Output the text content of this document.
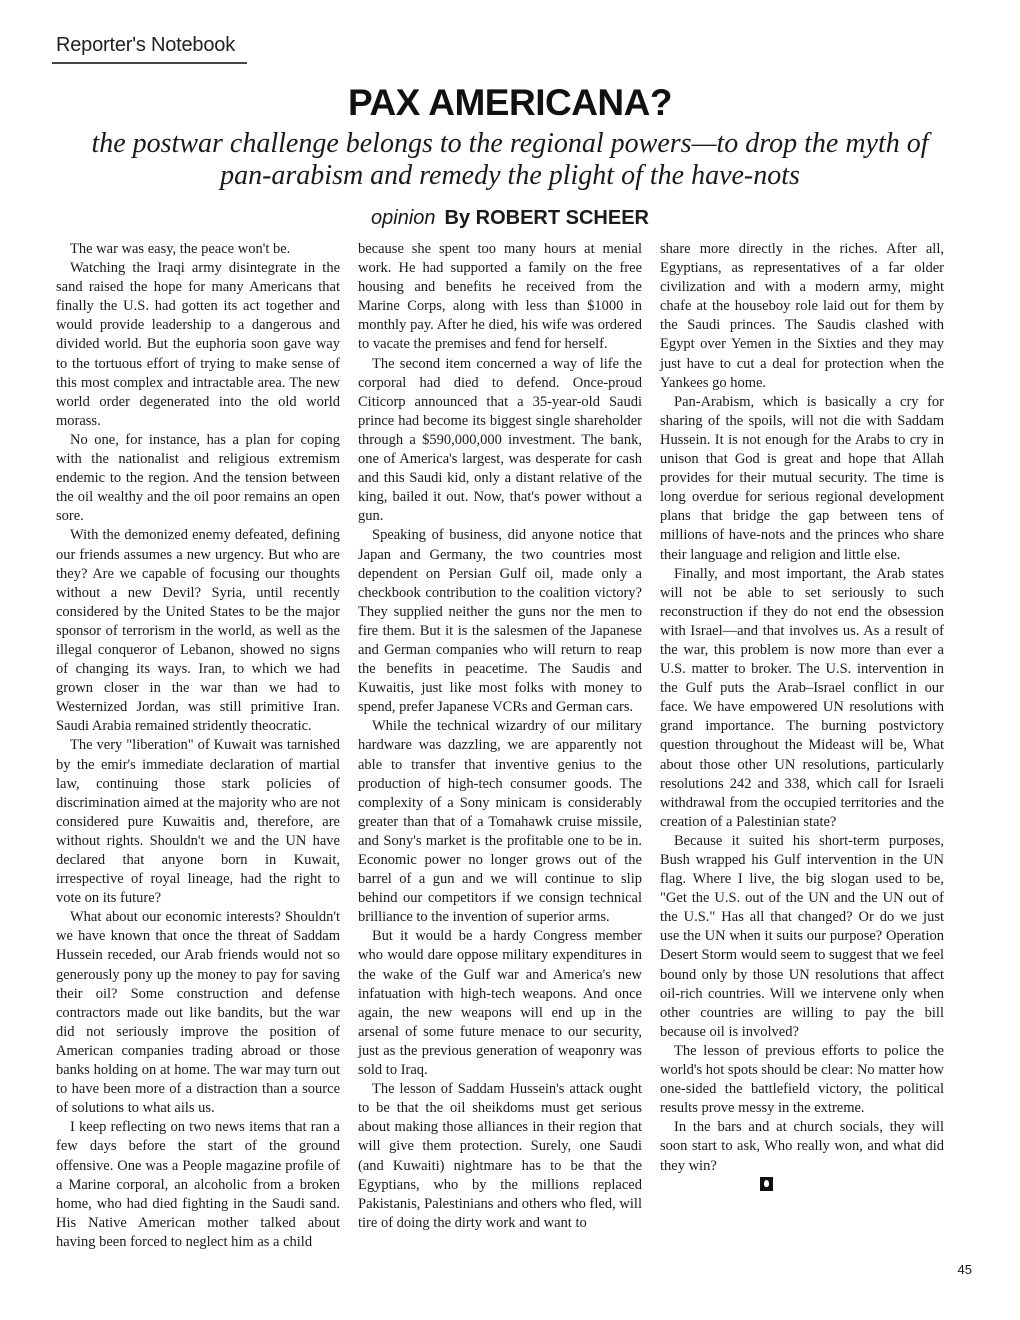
Reporter's Notebook
PAX AMERICANA?
the postwar challenge belongs to the regional powers—to drop the myth of
pan-arabism and remedy the plight of the have-nots
opinion By ROBERT SCHEER

The war was easy, the peace won't be.

Watching the Iraqi army disintegrate in the sand raised the hope for many Americans that finally the U.S. had gotten its act together and would provide leadership to a dangerous and divided world. But the euphoria soon gave way to the tortuous effort of trying to make sense of this most complex and intractable area. The new world order degenerated into the old world morass.

No one, for instance, has a plan for coping with the nationalist and religious extremism endemic to the region. And the tension between the oil wealthy and the oil poor remains an open sore.

With the demonized enemy defeated, defining our friends assumes a new urgency. But who are they? Are we capable of focusing our thoughts without a new Devil? Syria, until recently considered by the United States to be the major sponsor of terrorism in the world, as well as the illegal conqueror of Lebanon, showed no signs of changing its ways. Iran, to which we had grown closer in the war than we had to Westernized Jordan, was still primitive Iran. Saudi Arabia remained stridently theocratic.

The very "liberation" of Kuwait was tarnished by the emir's immediate declaration of martial law, continuing those stark policies of discrimination aimed at the majority who are not considered pure Kuwaitis and, therefore, are without rights. Shouldn't we and the UN have declared that anyone born in Kuwait, irrespective of royal lineage, had the right to vote on its future?

What about our economic interests? Shouldn't we have known that once the threat of Saddam Hussein receded, our Arab friends would not so generously pony up the money to pay for saving their oil? Some construction and defense contractors made out like bandits, but the war did not seriously improve the position of American companies trading abroad or those banks holding on at home. The war may turn out to have been more of a distraction than a source of solutions to what ails us.

I keep reflecting on two news items that ran a few days before the start of the ground offensive. One was a People magazine profile of a Marine corporal, an alcoholic from a broken home, who had died fighting in the Saudi sand. His Native American mother talked about having been forced to neglect him as a child

because she spent too many hours at menial work. He had supported a family on the free housing and benefits he received from the Marine Corps, along with less than $1000 in monthly pay. After he died, his wife was ordered to vacate the premises and fend for herself.

The second item concerned a way of life the corporal had died to defend. Once-proud Citicorp announced that a 35-year-old Saudi prince had become its biggest single shareholder through a $590,000,000 investment. The bank, one of America's largest, was desperate for cash and this Saudi kid, only a distant relative of the king, bailed it out. Now, that's power without a gun.

Speaking of business, did anyone notice that Japan and Germany, the two countries most dependent on Persian Gulf oil, made only a checkbook contribution to the coalition victory? They supplied neither the guns nor the men to fire them. But it is the salesmen of the Japanese and German companies who will return to reap the benefits in peacetime. The Saudis and Kuwaitis, just like most folks with money to spend, prefer Japanese VCRs and German cars.

While the technical wizardry of our military hardware was dazzling, we are apparently not able to transfer that inventive genius to the production of high-tech consumer goods. The complexity of a Sony minicam is considerably greater than that of a Tomahawk cruise missile, and Sony's market is the profitable one to be in. Economic power no longer grows out of the barrel of a gun and we will continue to slip behind our competitors if we consign technical brilliance to the invention of superior arms.

But it would be a hardy Congress member who would dare oppose military expenditures in the wake of the Gulf war and America's new infatuation with high-tech weapons. And once again, the new weapons will end up in the arsenal of some future menace to our security, just as the previous generation of weaponry was sold to Iraq.

The lesson of Saddam Hussein's attack ought to be that the oil sheikdoms must get serious about making those alliances in their region that will give them protection. Surely, one Saudi (and Kuwaiti) nightmare has to be that the Egyptians, who by the millions replaced Pakistanis, Palestinians and others who fled, will tire of doing the dirty work and want to

share more directly in the riches. After all, Egyptians, as representatives of a far older civilization and with a modern army, might chafe at the houseboy role laid out for them by the Saudi princes. The Saudis clashed with Egypt over Yemen in the Sixties and they may just have to cut a deal for protection when the Yankees go home.

Pan-Arabism, which is basically a cry for sharing of the spoils, will not die with Saddam Hussein. It is not enough for the Arabs to cry in unison that God is great and hope that Allah provides for their mutual security. The time is long overdue for serious regional development plans that bridge the gap between tens of millions of have-nots and the princes who share their language and religion and little else.

Finally, and most important, the Arab states will not be able to set seriously to such reconstruction if they do not end the obsession with Israel—and that involves us. As a result of the war, this problem is now more than ever a U.S. matter to broker. The U.S. intervention in the Gulf puts the Arab–Israel conflict in our face. We have empowered UN resolutions with grand importance. The burning postvictory question throughout the Mideast will be, What about those other UN resolutions, particularly resolutions 242 and 338, which call for Israeli withdrawal from the occupied territories and the creation of a Palestinian state?

Because it suited his short-term purposes, Bush wrapped his Gulf intervention in the UN flag. Where I live, the big slogan used to be, "Get the U.S. out of the UN and the UN out of the U.S." Has all that changed? Or do we just use the UN when it suits our purpose? Operation Desert Storm would seem to suggest that we feel bound only by those UN resolutions that affect oil-rich countries. Will we intervene only when other countries are willing to pay the bill because oil is involved?

The lesson of previous efforts to police the world's hot spots should be clear: No matter how one-sided the battlefield victory, the political results prove messy in the extreme.

In the bars and at church socials, they will soon start to ask, Who really won, and what did they win?

45
